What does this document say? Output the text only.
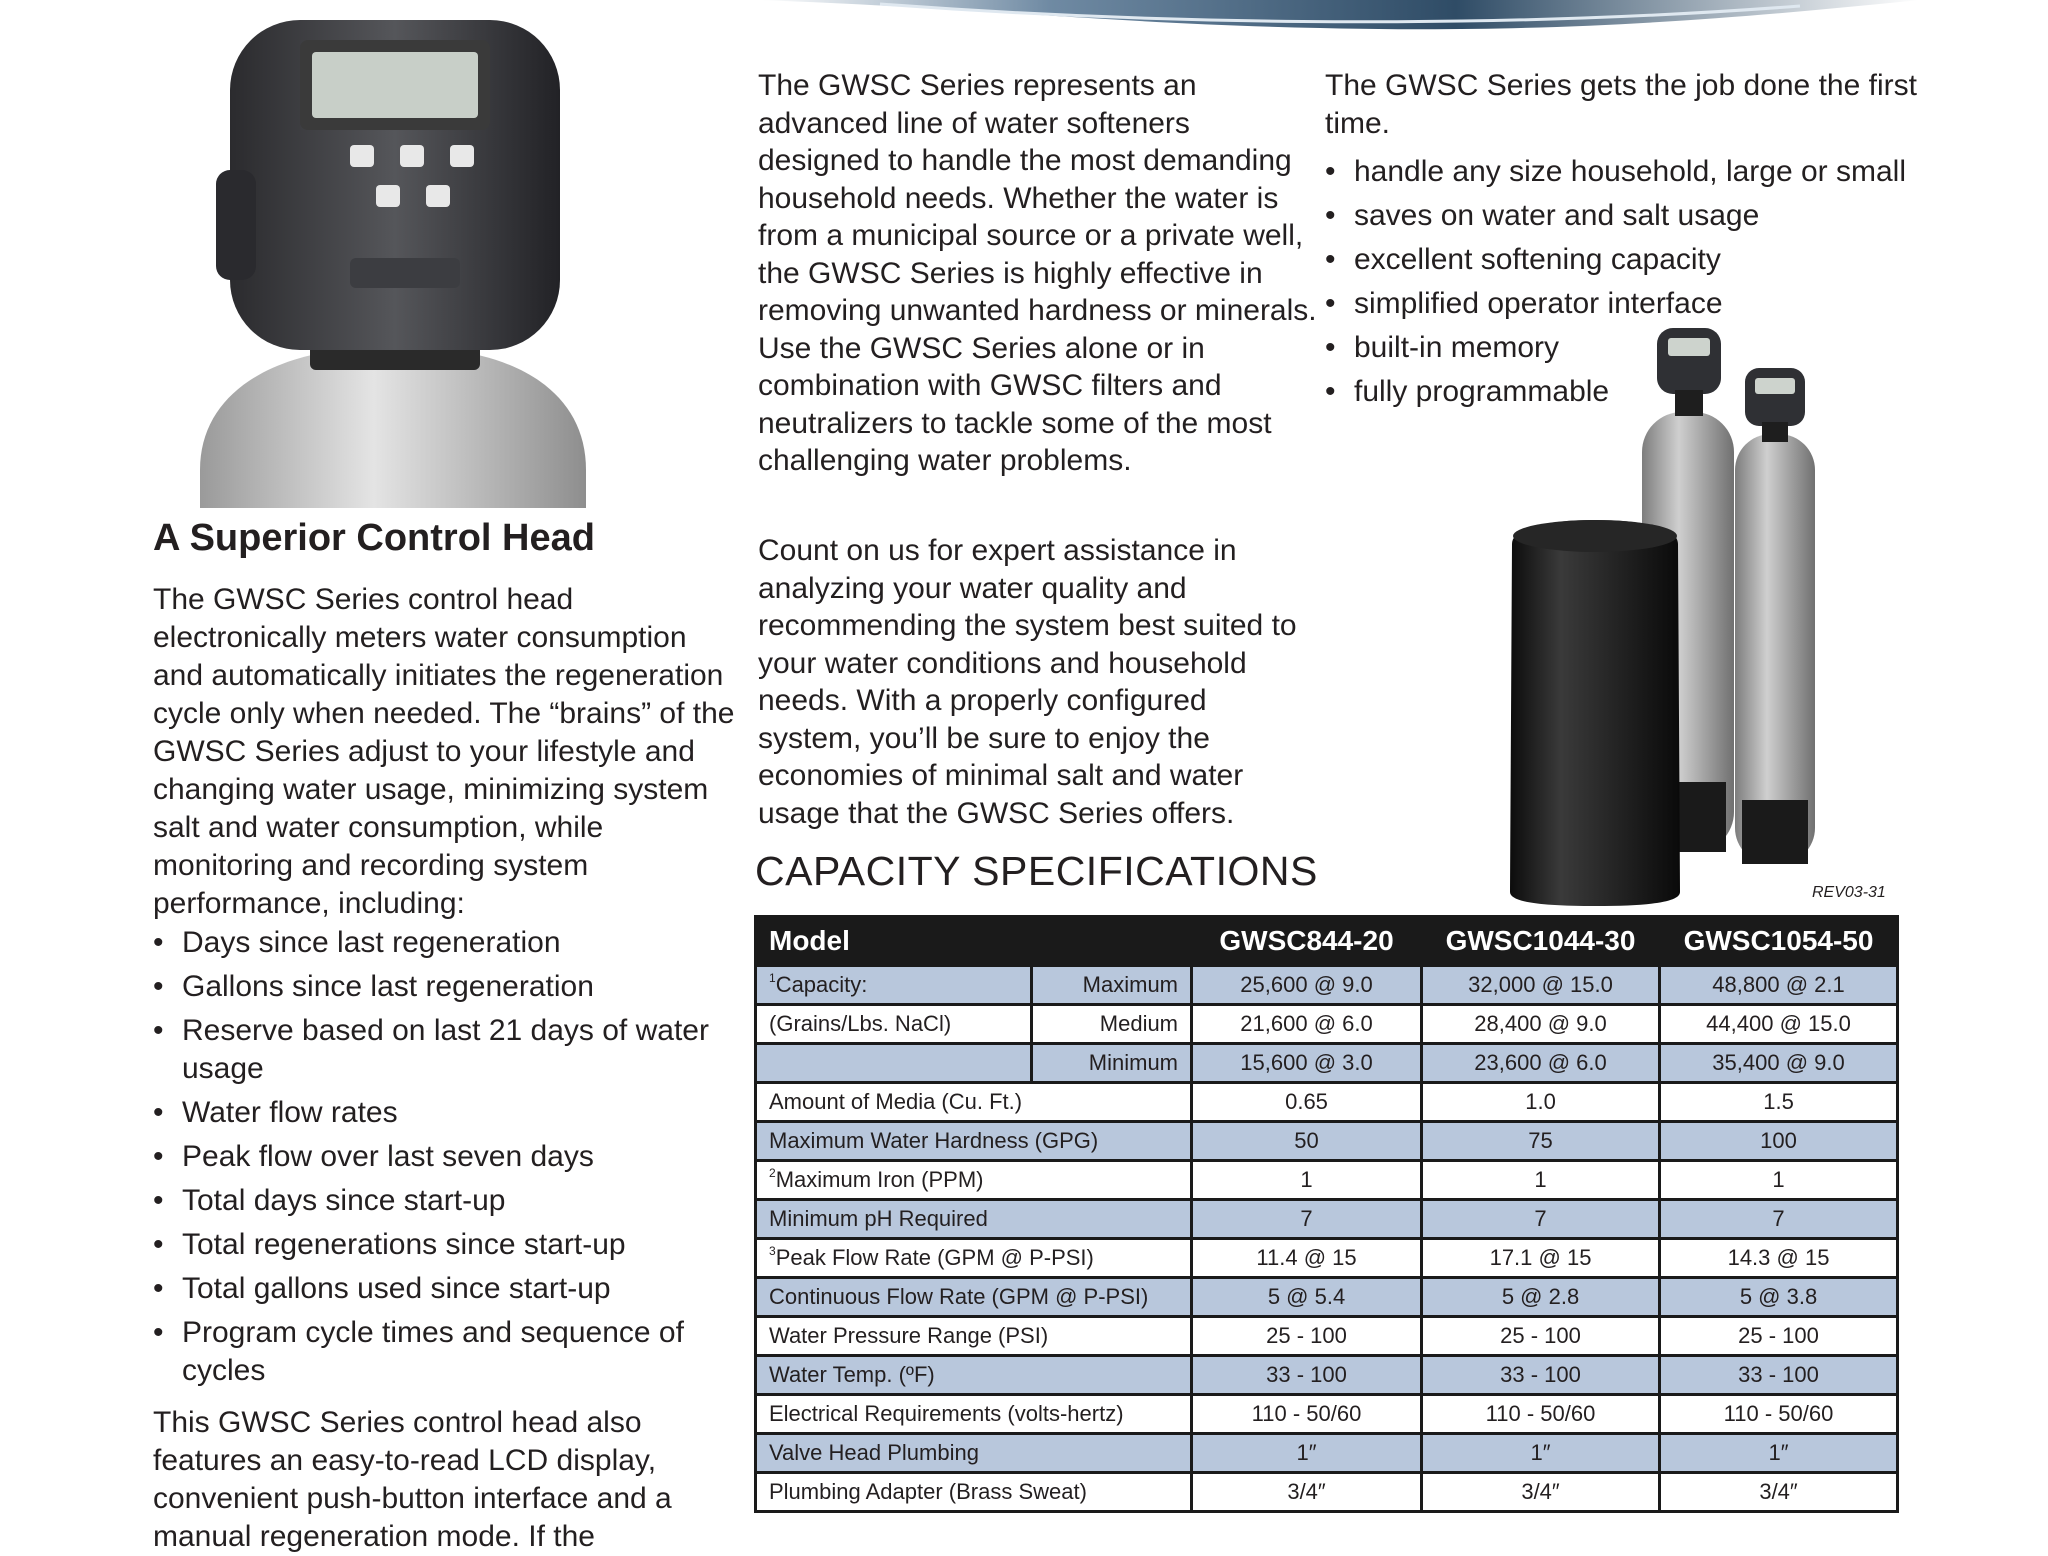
A Superior Control Head

The GWSC Series control head electronically meters water consumption and automatically initiates the regeneration cycle only when needed. The “brains” of the GWSC Series adjust to your lifestyle and changing water usage, minimizing system salt and water consumption, while monitoring and recording system performance, including:

• Days since last regeneration
• Gallons since last regeneration
• Reserve based on last 21 days of water usage
• Water flow rates
• Peak flow over last seven days
• Total days since start-up
• Total regenerations since start-up
• Total gallons used since start-up
• Program cycle times and sequence of cycles

This GWSC Series control head also features an easy-to-read LCD display, convenient push-button interface and a manual regeneration mode. If the

The GWSC Series represents an advanced line of water softeners designed to handle the most demanding household needs. Whether the water is from a municipal source or a private well, the GWSC Series is highly effective in removing unwanted hardness or minerals. Use the GWSC Series alone or in combination with GWSC filters and neutralizers to tackle some of the most challenging water problems.

Count on us for expert assistance in analyzing your water quality and recommending the system best suited to your water conditions and household needs. With a properly configured system, you’ll be sure to enjoy the economies of minimal salt and water usage that the GWSC Series offers.

The GWSC Series gets the job done the first time.

• handle any size household, large or small
• saves on water and salt usage
• excellent softening capacity
• simplified operator interface
• built-in memory
• fully programmable
CAPACITY SPECIFICATIONS	REV03-31

Model		GWSC844-20	GWSC1044-30	GWSC1054-50
$^1$Capacity:	Maximum	25,600 @ 9.0	32,000 @ 15.0	48,800 @ 2.1
(Grains/Lbs. NaCl)	Medium	21,600 @ 6.0	28,400 @ 9.0	44,400 @ 15.0
	Minimum	15,600 @ 3.0	23,600 @ 6.0	35,400 @ 9.0
Amount of Media (Cu. Ft.)		0.65	1.0	1.5
Maximum Water Hardness (GPG)		50	75	100
$^2$Maximum Iron (PPM)		1	1	1
Minimum pH Required		7	7	7
$^3$Peak Flow Rate (GPM @ P-PSI)		11.4 @ 15	17.1 @ 15	14.3 @ 15
Continuous Flow Rate (GPM @ P-PSI)		5 @ 5.4	5 @ 2.8	5 @ 3.8
Water Pressure Range (PSI)		25 - 100	25 - 100	25 - 100
Water Temp. (ºF)		33 - 100	33 - 100	33 - 100
Electrical Requirements (volts-hertz)		110 - 50/60	110 - 50/60	110 - 50/60
Valve Head Plumbing		1″	1″	1″
Plumbing Adapter (Brass Sweat)		3/4″	3/4″	3/4″
